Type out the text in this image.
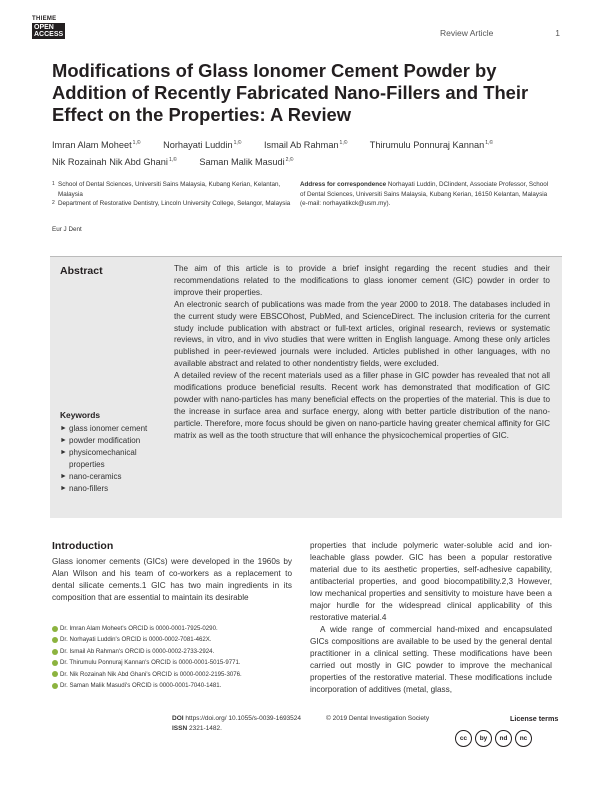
THIEME
OPEN
ACCESS	Review Article	1
Modifications of Glass Ionomer Cement Powder by Addition of Recently Fabricated Nano-Fillers and Their Effect on the Properties: A Review
Imran Alam Moheet$^{1,©}$ Norhayati Luddin$^{1,©}$ Ismail Ab Rahman$^{1,©}$ Thirumulu Ponnuraj Kannan$^{1,©}$
Nik Rozainah Nik Abd Ghani$^{1,©}$ Saman Malik Masudi$^{2,©}$
1 School of Dental Sciences, Universiti Sains Malaysia, Kubang Kerian, Kelantan, Malaysia
2 Department of Restorative Dentistry, Lincoln University College, Selangor, Malaysia
Address for correspondence Norhayati Luddin, DClindent, Associate Professor, School of Dental Sciences, Universiti Sains Malaysia, Kubang Kerian, 16150 Kelantan, Malaysia (e-mail: norhayatikck@usm.my).
Eur J Dent
Abstract	The aim of this article is to provide a brief insight regarding the recent studies and their recommendations related to the modifications to glass ionomer cement (GIC) powder in order to improve their properties.

An electronic search of publications was made from the year 2000 to 2018. The databases included in the current study were EBSCOhost, PubMed, and ScienceDirect. The inclusion criteria for the current study include publication with abstract or full-text articles, original research, reviews or systematic reviews, in vitro, and in vivo studies that were written in English language. Among these only articles published in peer-reviewed journals were included. Articles published in other languages, with no available abstract and related to other nondentistry fields, were excluded.

A detailed review of the recent materials used as a filler phase in GIC powder has revealed that not all modifications produce beneficial results. Recent work has demonstrated that modification of GIC powder with nano-particles has many beneficial effects on the properties of the material. This is due to the increase in surface area and surface energy, along with better particle distribution of the nano-particle. Therefore, more focus should be given on nano-particle having greater chemical affinity for GIC matrix as well as the tooth structure that will enhance the physicochemical properties of GIC.

Keywords
► glass ionomer cement
► powder modification
► physicomechanical properties
► nano-ceramics
► nano-fillers
Introduction
Glass ionomer cements (GICs) were developed in the 1960s by Alan Wilson and his team of co-workers as a replacement to dental silicate cements.1 GIC has two main ingredients in its composition that are essential to maintain its desirable

properties that include polymeric water-soluble acid and ion-leachable glass powder. GIC has been a popular restorative material due to its aesthetic properties, self-adhesive capability, antibacterial properties, and good biocompatibility.2,3 However, low mechanical properties and sensitivity to moisture have been a major hurdle for the widespread clinical applicability of this restorative material.4

A wide range of commercial hand-mixed and encapsulated GICs compositions are available to be used by the general dental practitioner in a clinical setting. These modifications have been carried out mostly in GIC powder to improve the mechanical properties of the restorative material. These modifications include incorporation of additives (metal, glass,

Dr. Imran Alam Moheet's ORCID is 0000-0001-7925-0290.
Dr. Norhayati Luddin's ORCID is 0000-0002-7081-462X.
Dr. Ismail Ab Rahman's ORCID is 0000-0002-2733-2924.
Dr. Thirumulu Ponnuraj Kannan's ORCID is 0000-0001-5015-9771.
Dr. Nik Rozainah Nik Abd Ghani's ORCID is 0000-0002-2195-3076.
Dr. Saman Malik Masudi's ORCID is 0000-0001-7040-1481.
DOI https://doi.org/ 10.1055/s-0039-1693524
ISSN 2321-1482.
© 2019 Dental Investigation Society	License terms
cc	by	nd	nc
